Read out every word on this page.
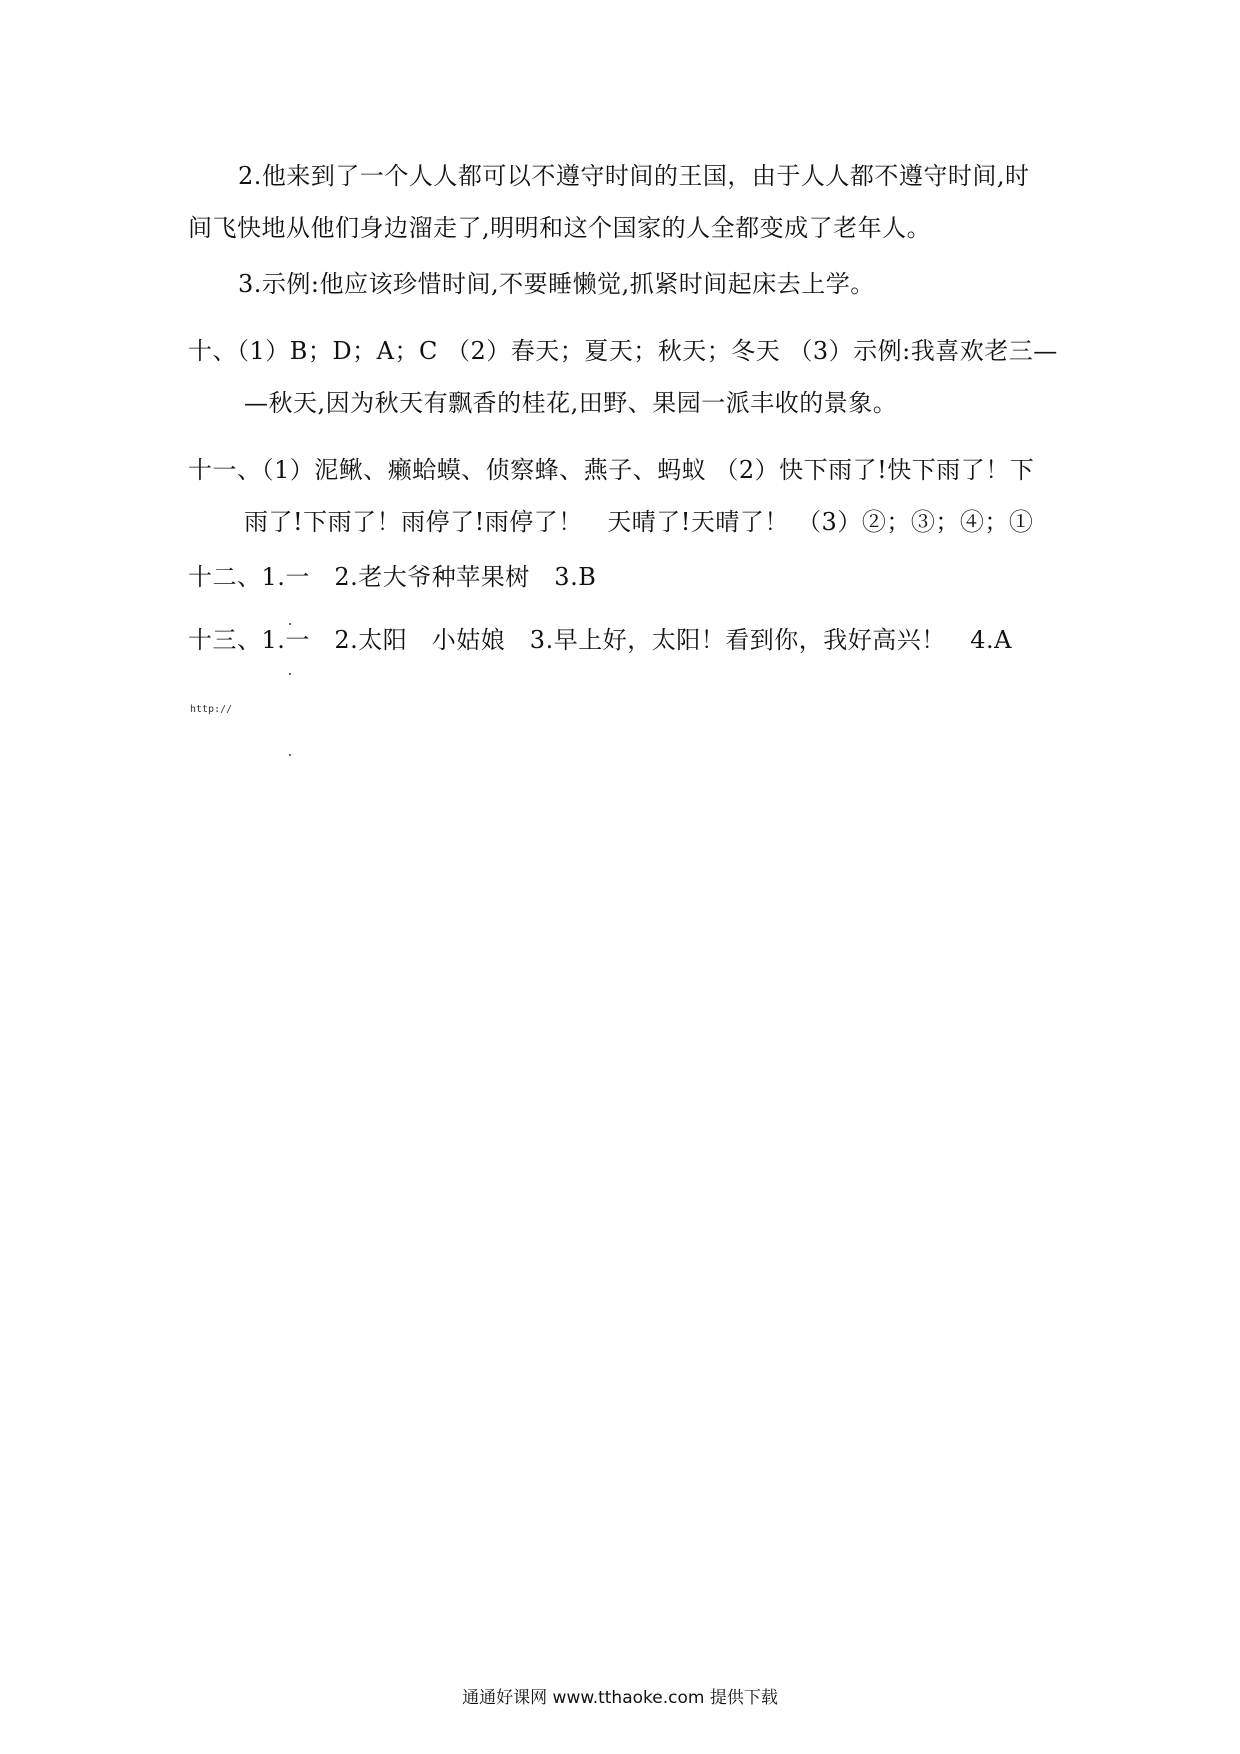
2.他来到了一个人人都可以不遵守时间的王国，由于人人都不遵守时间,时
间飞快地从他们身边溜走了,明明和这个国家的人全都变成了老年人。
3.示例:他应该珍惜时间,不要睡懒觉,抓紧时间起床去上学。
十、（1）B；D；A；C （2）春天；夏天；秋天；冬天 （3）示例:我喜欢老三—
—秋天,因为秋天有飘香的桂花,田野、果园一派丰收的景象。
十一、（1）泥鳅、癞蛤蟆、侦察蜂、燕子、蚂蚁 （2）快下雨了!快下雨了！下
雨了!下雨了！雨停了!雨停了！　天晴了!天晴了！ （3）②；③；④；①
十二、1.一　2.老大爷种苹果树　3.B
十三、1.一　2.太阳　小姑娘　3.早上好，太阳！看到你，我好高兴！　4.A
http://
通通好课网 www.tthaoke.com 提供下载
